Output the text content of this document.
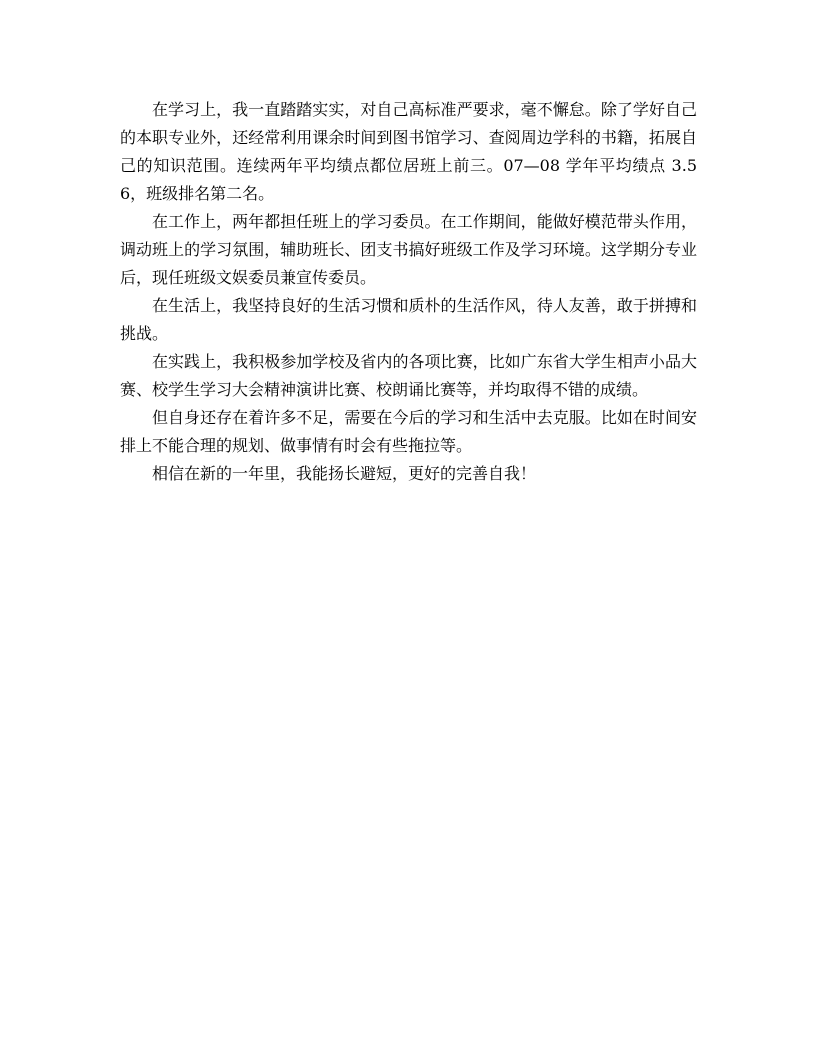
在学习上，我一直踏踏实实，对自己高标准严要求，毫不懈怠。除了学好自己的本职专业外，还经常利用课余时间到图书馆学习、查阅周边学科的书籍，拓展自己的知识范围。连续两年平均绩点都位居班上前三。07—08 学年平均绩点 3.56，班级排名第二名。

在工作上，两年都担任班上的学习委员。在工作期间，能做好模范带头作用，调动班上的学习氛围，辅助班长、团支书搞好班级工作及学习环境。这学期分专业后，现任班级文娱委员兼宣传委员。

在生活上，我坚持良好的生活习惯和质朴的生活作风，待人友善，敢于拼搏和挑战。

在实践上，我积极参加学校及省内的各项比赛，比如广东省大学生相声小品大赛、校学生学习大会精神演讲比赛、校朗诵比赛等，并均取得不错的成绩。

但自身还存在着许多不足，需要在今后的学习和生活中去克服。比如在时间安排上不能合理的规划、做事情有时会有些拖拉等。

相信在新的一年里，我能扬长避短，更好的完善自我！
